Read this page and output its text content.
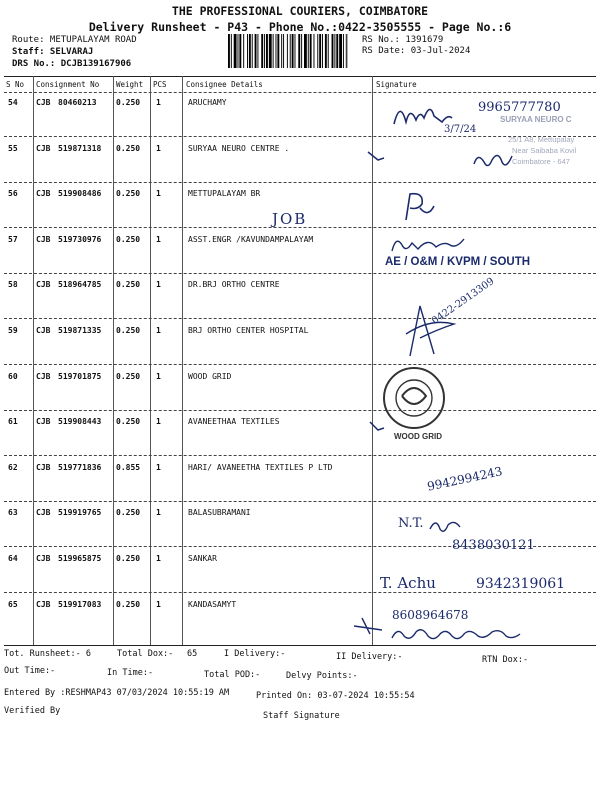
THE PROFESSIONAL COURIERS, COIMBATORE
Delivery Runsheet - P43 - Phone No.:0422-3505555 - Page No.:6
Route: METUPALAYAM ROAD
Staff: SELVARAJ
DRS No.: DCJB139167906
RS No.: 1391679
RS Date: 03-Jul-2024
S No Consignment No Weight PCS	Consignee Details	Signature
54 CJB 80460213 0.250 1	ARUCHAMY
55 CJB 519871318 0.250 1	SURYAA NEURO CENTRE .
56 CJB 519908486 0.250 1	METTUPALAYAM BR
57 CJB 519730976 0.250 1	ASST.ENGR /KAVUNDAMPALAYAM
58 CJB 518964785 0.250 1	DR.BRJ ORTHO CENTRE
59 CJB 519871335 0.250 1	BRJ ORTHO CENTER HOSPITAL
60 CJB 519701875 0.250 1	WOOD GRID
61 CJB 519908443 0.250 1	AVANEETHAA TEXTILES
62 CJB 519771836 0.855 1	HARI/ AVANEETHA TEXTILES P LTD
63 CJB 519919765 0.250 1	BALASUBRAMANI
64 CJB 519965875 0.250 1	SANKAR
65 CJB 519917083 0.250 1	KANDASAMYT
9965777780
3/7/24
SURYAA NEURO C
25/1 A8, Mettupalay
Near Saibaba Kovil
Coimbatore - 647
JOB
AE / O&M / KVPM / SOUTH
0422-2913309
WOOD GRID
9942994243
N.T.
8438030121
T. Achu	9342319061
8608964678
Tot. Runsheet:- 6	Total Dox:- 65	I Delivery:-	II Delivery:-	RTN Dox:-
Out Time:-	In Time:-	Total POD:-	Delvy Points:-
Entered By :RESHMAP43 07/03/2024 10:55:19 AM	Printed On: 03-07-2024 10:55:54
Verified By	Staff Signature
